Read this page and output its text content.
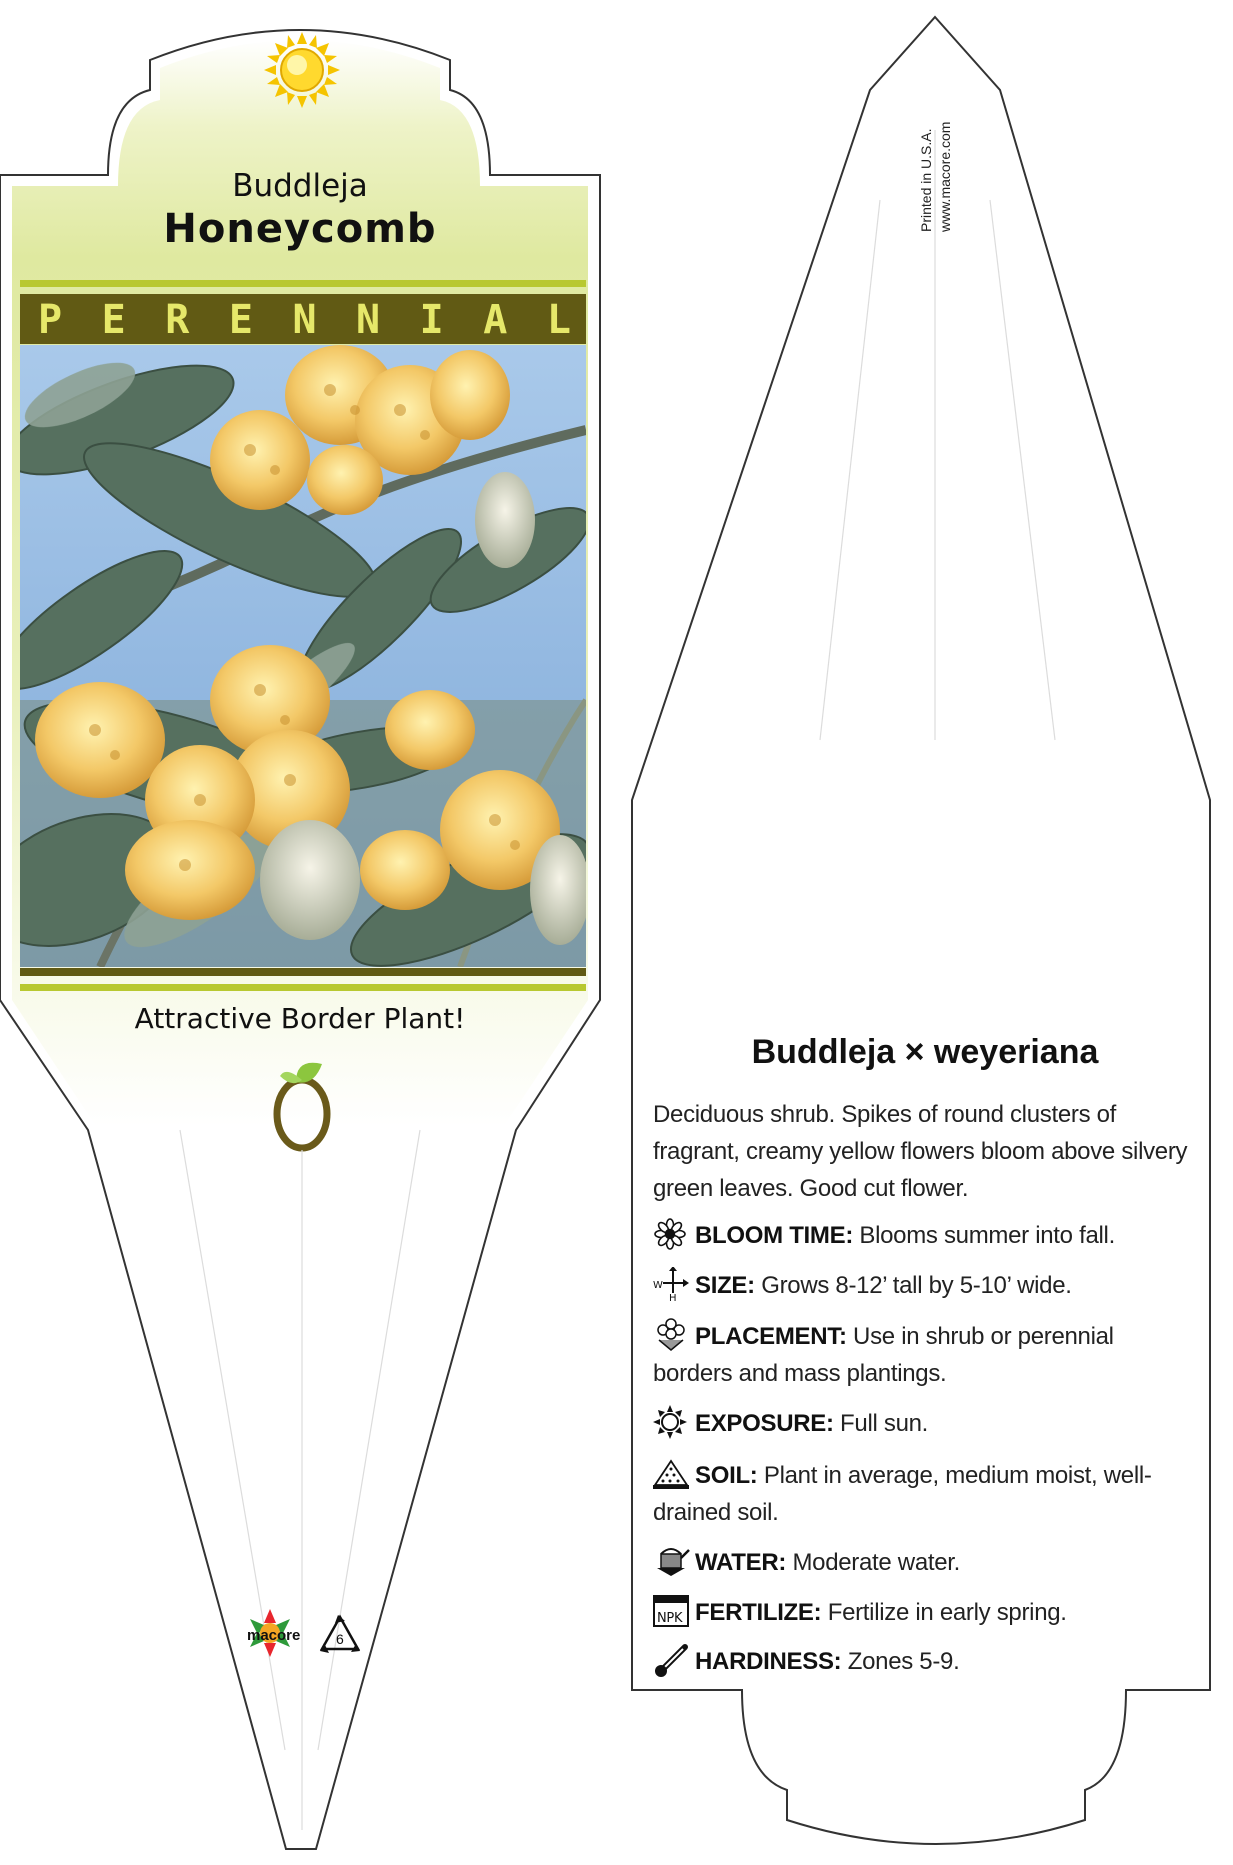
Buddleja
Honeycomb
P E R E N N I A L
Attractive Border Plant!
macore	6
Printed in U.S.A. www.macore.com
Buddleja × weyeriana
Deciduous shrub. Spikes of round clusters of fragrant, creamy yellow flowers bloom above silvery green leaves. Good cut flower.
BLOOM TIME: Blooms summer into fall.
W
H SIZE: Grows 8-12’ tall by 5-10’ wide.
PLACEMENT: Use in shrub or perennial borders and mass plantings.
EXPOSURE: Full sun.
SOIL: Plant in average, medium moist, well-drained soil.
WATER: Moderate water.
NPK FERTILIZE: Fertilize in early spring.
HARDINESS: Zones 5-9.
